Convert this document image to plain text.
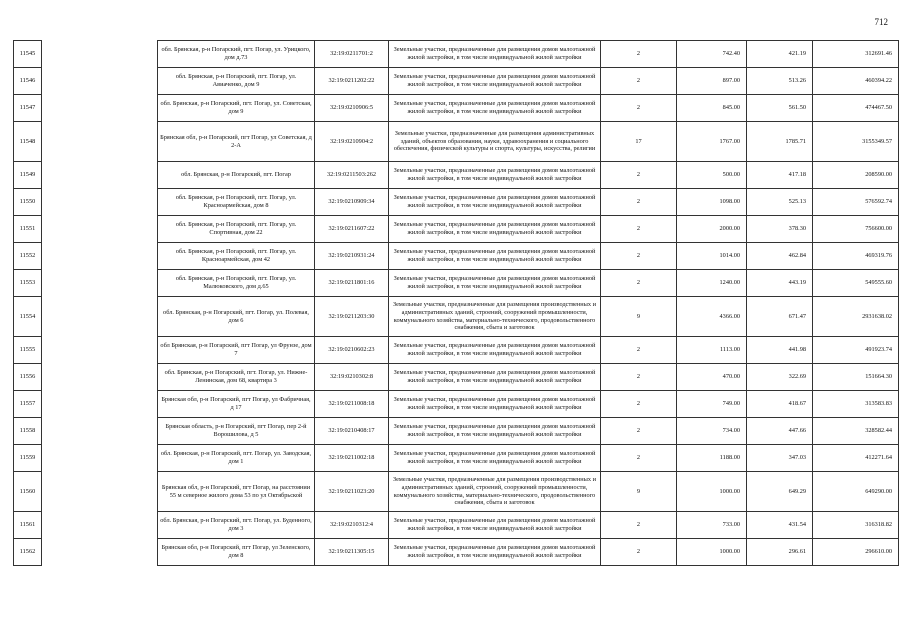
712
11545		обл. Брянская, р-н Погарский, пгт. Погар, ул. Урицкого, дом д.73	32:19:0211701:2	Земельные участки, предназначенные для размещения домов малоэтажной жилой застройки, в том числе индивидуальной жилой застройки	2	742.40	421.19	312691.46
11546		обл. Брянская, р-н Погарский, пгт. Погар, ул. Авиаченко, дом 9	32:19:0211202:22	Земельные участки, предназначенные для размещения домов малоэтажной жилой застройки, в том числе индивидуальной жилой застройки	2	897.00	513.26	460394.22
11547		обл. Брянская, р-н Погарский, пгт. Погар, ул. Советская, дом 9	32:19:0210906:5	Земельные участки, предназначенные для размещения домов малоэтажной жилой застройки, в том числе индивидуальной жилой застройки	2	845.00	561.50	474467.50
11548		Брянская обл, р-н Погарский, пгт Погар, ул Советская, д 2-А	32:19:0210904:2	Земельные участки, предназначенные для размещения административных зданий, объектов образования, науки, здравоохранения и социального обеспечения, физической культуры и спорта, культуры, искусства, религии	17	1767.00	1785.71	3155349.57
11549		обл. Брянская, р-н Погарский, пгт. Погар	32:19:0211503:262	Земельные участки, предназначенные для размещения домов малоэтажной жилой застройки, в том числе индивидуальной жилой застройки	2	500.00	417.18	208590.00
11550		обл. Брянская, р-н Погарский, пгт. Погар, ул. Красноармейская, дом 8	32:19:0210909:34	Земельные участки, предназначенные для размещения домов малоэтажной жилой застройки, в том числе индивидуальной жилой застройки	2	1098.00	525.13	576592.74
11551		обл. Брянская, р-н Погарский, пгт. Погар, ул. Спортивная, дом 22	32:19:0211607:22	Земельные участки, предназначенные для размещения домов малоэтажной жилой застройки, в том числе индивидуальной жилой застройки	2	2000.00	378.30	756600.00
11552		обл. Брянская, р-н Погарский, пгт. Погар, ул. Красноармейская, дом 42	32:19:0210931:24	Земельные участки, предназначенные для размещения домов малоэтажной жилой застройки, в том числе индивидуальной жилой застройки	2	1014.00	462.84	469319.76
11553		обл. Брянская, р-н Погарский, пгт. Погар, ул. Малюковского, дом д.65	32:19:0211801:16	Земельные участки, предназначенные для размещения домов малоэтажной жилой застройки, в том числе индивидуальной жилой застройки	2	1240.00	443.19	549555.60
11554		обл. Брянская, р-н Погарский, пгт. Погар, ул. Полевая, дом 6	32:19:0211203:30	Земельные участки, предназначенные для размещения производственных и административных зданий, строений, сооружений промышленности, коммунального хозяйства, материально-технического, продовольственного снабжения, сбыта и заготовок	9	4366.00	671.47	2931638.02
11555		обл Брянская, р-н Погарский, пгт Погар, ул Фрунзе, дом 7	32:19:0210602:23	Земельные участки, предназначенные для размещения домов малоэтажной жилой застройки, в том числе индивидуальной жилой застройки	2	1113.00	441.98	491923.74
11556		обл. Брянская, р-н Погарский, пгт. Погар, ул. Нижне-Ленинская, дом 68, квартира 3	32:19:0210302:8	Земельные участки, предназначенные для размещения домов малоэтажной жилой застройки, в том числе индивидуальной жилой застройки	2	470.00	322.69	151664.30
11557		Брянская обл, р-н Погарский, пгт Погар, ул Фабричная, д 17	32:19:0211008:18	Земельные участки, предназначенные для размещения домов малоэтажной жилой застройки, в том числе индивидуальной жилой застройки	2	749.00	418.67	313583.83
11558		Брянская область, р-н Погарский, пгт Погар, пер 2-й Ворошилова, д 5	32:19:0210408:17	Земельные участки, предназначенные для размещения домов малоэтажной жилой застройки, в том числе индивидуальной жилой застройки	2	734.00	447.66	328582.44
11559		обл. Брянская, р-н Погарский, пгт. Погар, ул. Заводская, дом 1	32:19:0211002:18	Земельные участки, предназначенные для размещения домов малоэтажной жилой застройки, в том числе индивидуальной жилой застройки	2	1188.00	347.03	412271.64
11560		Брянская обл, р-н Погарский, пгт Погар, на расстоянии 55 м северное жилого дома 53 по ул Октябрьской	32:19:0211023:20	Земельные участки, предназначенные для размещения производственных и административных зданий, строений, сооружений промышленности, коммунального хозяйства, материально-технического, продовольственного снабжения, сбыта и заготовок	9	1000.00	649.29	649290.00
11561		обл. Брянская, р-н Погарский, пгт. Погар, ул. Буденного, дом 3	32:19:0210312:4	Земельные участки, предназначенные для размещения домов малоэтажной жилой застройки, в том числе индивидуальной жилой застройки	2	733.00	431.54	316318.82
11562		Брянская обл, р-н Погарский, пгт Погар, ул Зеленского, дом 8	32:19:0211305:15	Земельные участки, предназначенные для размещения домов малоэтажной жилой застройки, в том числе индивидуальной жилой застройки	2	1000.00	296.61	296610.00
